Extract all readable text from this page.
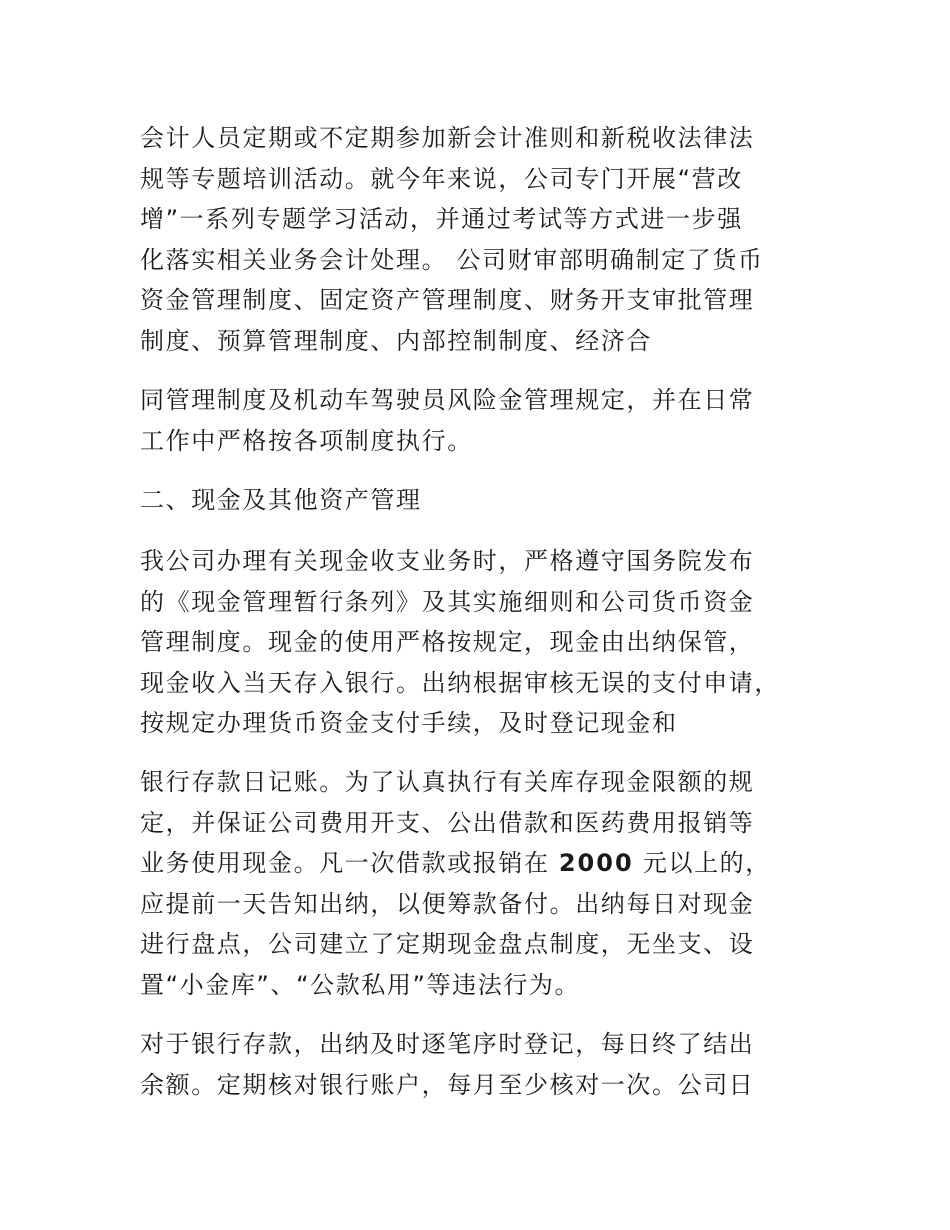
会计人员定期或不定期参加新会计准则和新税收法律法
规等专题培训活动。就今年来说，公司专门开展“营改
增”一系列专题学习活动，并通过考试等方式进一步强
化落实相关业务会计处理。 公司财审部明确制定了货币
资金管理制度、固定资产管理制度、财务开支审批管理
制度、预算管理制度、内部控制制度、经济合

同管理制度及机动车驾驶员风险金管理规定，并在日常
工作中严格按各项制度执行。

二、现金及其他资产管理

我公司办理有关现金收支业务时，严格遵守国务院发布
的《现金管理暂行条列》及其实施细则和公司货币资金
管理制度。现金的使用严格按规定，现金由出纳保管，
现金收入当天存入银行。出纳根据审核无误的支付申请，
按规定办理货币资金支付手续，及时登记现金和

银行存款日记账。为了认真执行有关库存现金限额的规
定，并保证公司费用开支、公出借款和医药费用报销等
业务使用现金。凡一次借款或报销在 2000 元以上的，
应提前一天告知出纳，以便筹款备付。出纳每日对现金
进行盘点，公司建立了定期现金盘点制度，无坐支、设
置“小金库”、“公款私用”等违法行为。

对于银行存款，出纳及时逐笔序时登记，每日终了结出
余额。定期核对银行账户，每月至少核对一次。公司日
